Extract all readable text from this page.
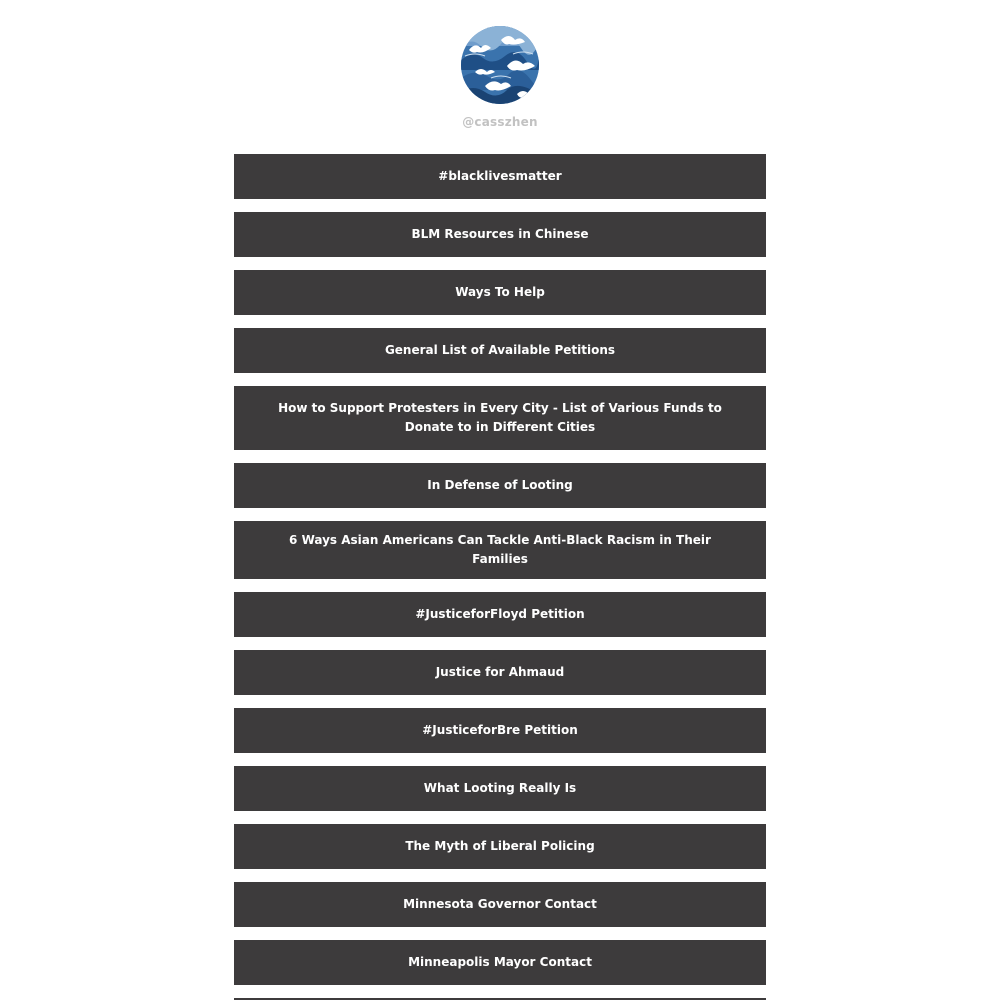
@casszhen
#blacklivesmatter
BLM Resources in Chinese
Ways To Help
General List of Available Petitions
How to Support Protesters in Every City - List of Various Funds to Donate to in Different Cities
In Defense of Looting
6 Ways Asian Americans Can Tackle Anti-Black Racism in Their Families
#JusticeforFloyd Petition
Justice for Ahmaud
#JusticeforBre Petition
What Looting Really Is
The Myth of Liberal Policing
Minnesota Governor Contact
Minneapolis Mayor Contact
